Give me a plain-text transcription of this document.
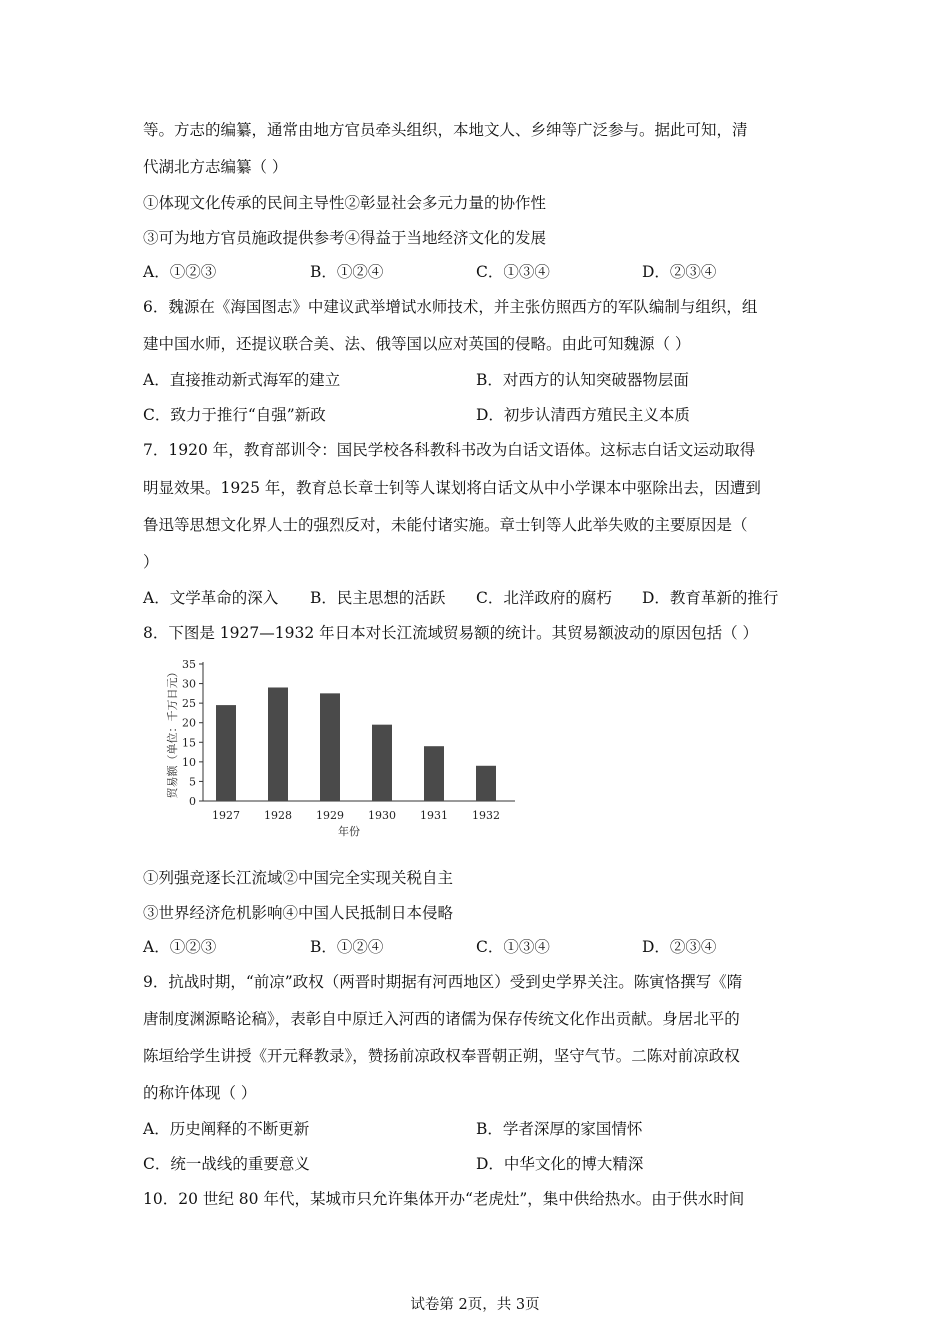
等。方志的编纂，通常由地方官员牵头组织，本地文人、乡绅等广泛参与。据此可知，清
代湖北方志编纂（ ）
①体现文化传承的民间主导性②彰显社会多元力量的协作性
③可为地方官员施政提供参考④得益于当地经济文化的发展
A．①②③	B．①②④	C．①③④	D．②③④
6．魏源在《海国图志》中建议武举增试水师技术，并主张仿照西方的军队编制与组织，组
建中国水师，还提议联合美、法、俄等国以应对英国的侵略。由此可知魏源（ ）
A．直接推动新式海军的建立	B．对西方的认知突破器物层面
C．致力于推行“自强”新政	D．初步认清西方殖民主义本质
7．1920 年，教育部训令：国民学校各科教科书改为白话文语体。这标志白话文运动取得
明显效果。1925 年，教育总长章士钊等人谋划将白话文从中小学课本中驱除出去，因遭到
鲁迅等思想文化界人士的强烈反对，未能付诸实施。章士钊等人此举失败的主要原因是（
）
A．文学革命的深入 B．民主思想的活跃 C．北洋政府的腐朽 D．教育革新的推行
8．下图是 1927—1932 年日本对长江流域贸易额的统计。其贸易额波动的原因包括（ ）
0
5
10
15
20
25
30
35
1927 1928 1929 1930 1931 1932
年份
贸易额（单位：千万日元）
①列强竞逐长江流域②中国完全实现关税自主
③世界经济危机影响④中国人民抵制日本侵略
A．①②③	B．①②④	C．①③④	D．②③④
9．抗战时期，“前凉”政权（两晋时期据有河西地区）受到史学界关注。陈寅恪撰写《隋
唐制度渊源略论稿》，表彰自中原迁入河西的诸儒为保存传统文化作出贡献。身居北平的
陈垣给学生讲授《开元释教录》，赞扬前凉政权奉晋朝正朔，坚守气节。二陈对前凉政权
的称许体现（ ）
A．历史阐释的不断更新	B．学者深厚的家国情怀
C．统一战线的重要意义	D．中华文化的博大精深
10．20 世纪 80 年代，某城市只允许集体开办“老虎灶”，集中供给热水。由于供水时间
试卷第 2页，共 3页
